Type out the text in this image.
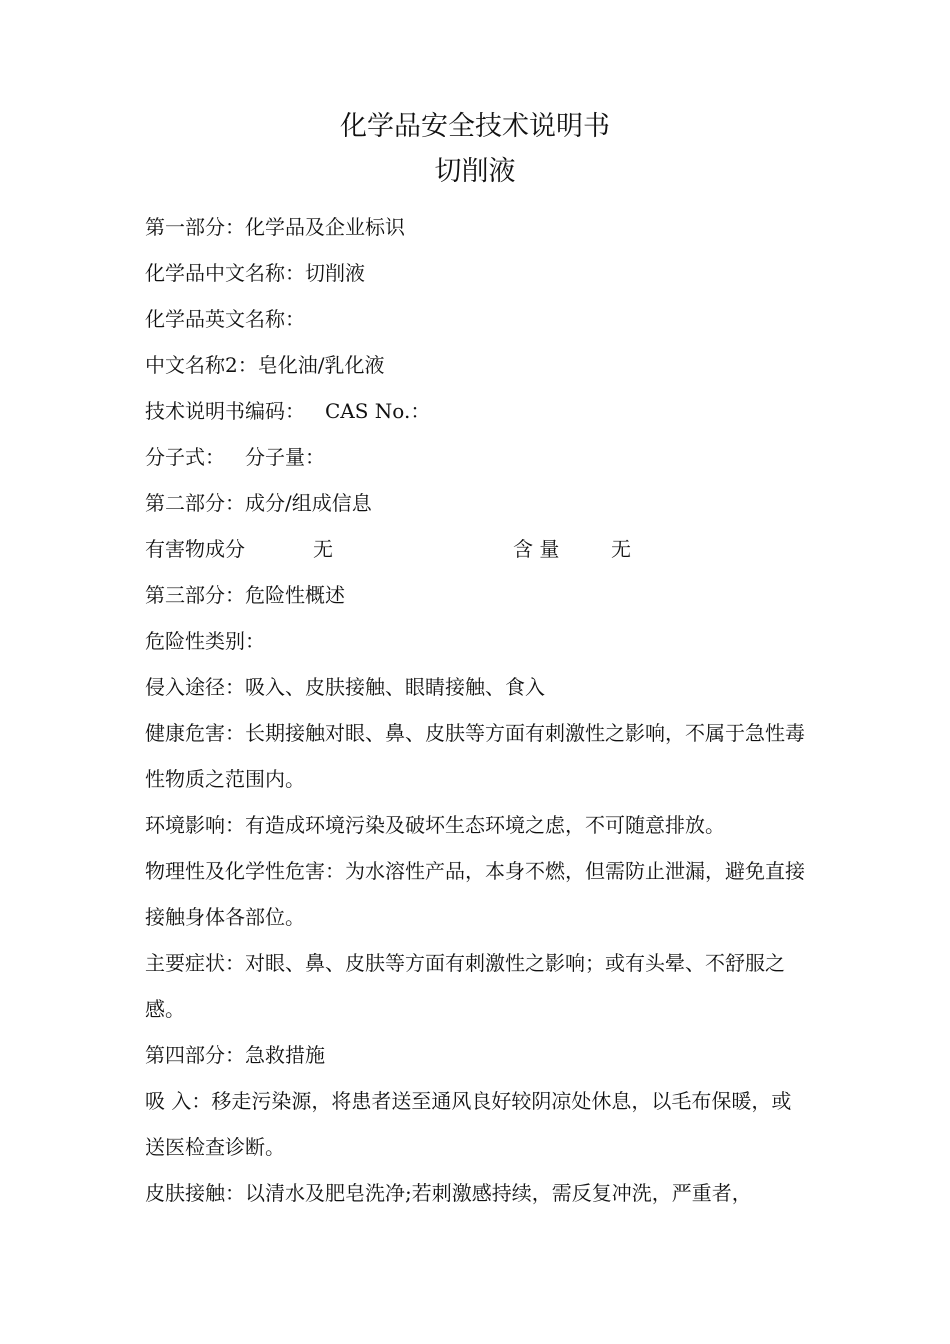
化学品安全技术说明书
切削液

第一部分：化学品及企业标识

化学品中文名称：切削液

化学品英文名称：

中文名称2：皂化油/乳化液

技术说明书编码： CAS No.：

分子式： 分子量：

第二部分：成分/组成信息

有害物成分	无	含 量	无

第三部分：危险性概述

危险性类别：

侵入途径：吸入、皮肤接触、眼睛接触、食入

健康危害：长期接触对眼、鼻、皮肤等方面有刺激性之影响，不属于急性毒性物质之范围内。

环境影响：有造成环境污染及破坏生态环境之虑，不可随意排放。

物理性及化学性危害：为水溶性产品，本身不燃，但需防止泄漏，避免直接接触身体各部位。

主要症状：对眼、鼻、皮肤等方面有刺激性之影响；或有头晕、不舒服之感。

第四部分：急救措施

吸 入：移走污染源，将患者送至通风良好较阴凉处休息，以毛布保暖，或送医检查诊断。

皮肤接触：以清水及肥皂洗净;若刺激感持续，需反复冲洗，严重者，
